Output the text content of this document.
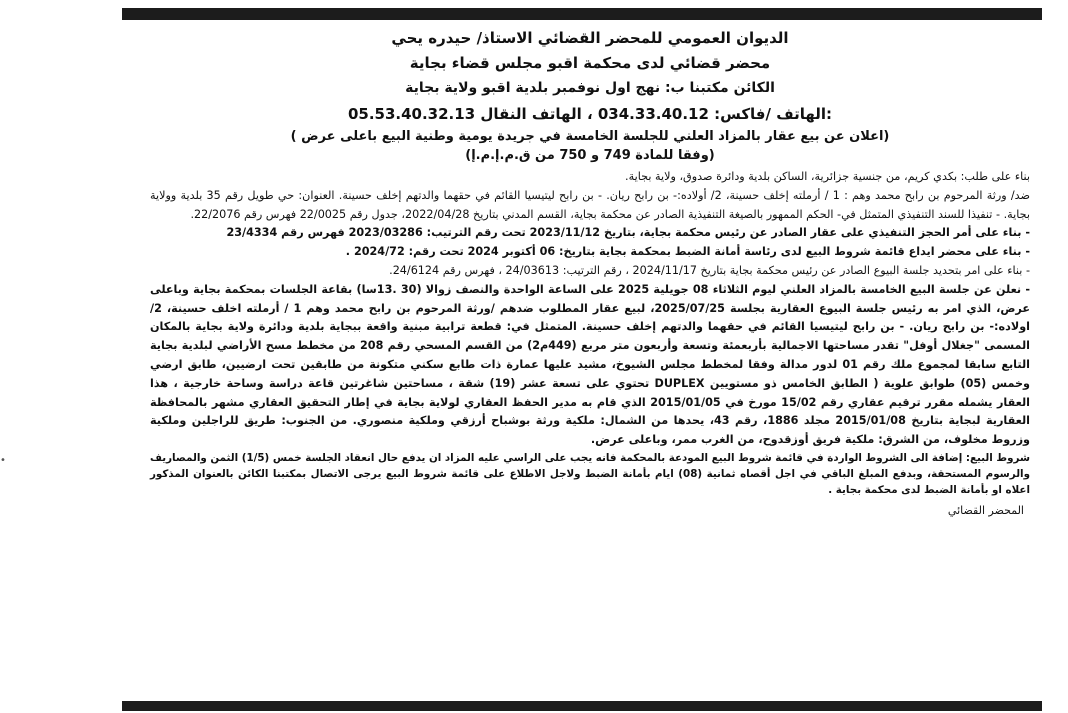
•

الديوان العمومي للمحضر القضائي الاستاذ/ حيدره يحي

محضر قضائي لدى محكمة اقبو مجلس قضاء بجاية

الكائن مكتبنا ب: نهج اول نوفمبر بلدية اقبو ولاية بجاية

:الهاتف /فاكس: 034.33.40.12 ، الهاتف النقال 05.53.40.32.13

(اعلان عن بيع عقار بالمزاد العلني للجلسة الخامسة في جريدة يومية وطنية البيع باعلى عرض )

(وفقا للمادة 749 و 750 من ق.م.إ.م.إ)

بناء على طلب: بكدي كريم، من جنسية جزائرية، الساكن بلدية ودائرة صدوق، ولاية بجاية.

ضد/ ورثة المرحوم بن رابح محمد وهم : 1 / أرملته إخلف حسينة، 2/ أولاده:- بن رابح ريان. - بن رابح ليتيسيا القائم في حقهما والدتهم إخلف حسينة. العنوان: حي طويل رقم 35 بلدية وولاية بجاية. - تنفيذا للسند التنفيذي المتمثل في- الحكم الممهور بالصيغة التنفيذية الصادر عن محكمة بجاية، القسم المدني بتاريخ 2022/04/28، جدول رقم 22/0025 فهرس رقم 22/2076.

- بناء على أمر الحجز التنفيذي على عقار الصادر عن رئيس محكمة بجاية، بتاريخ 2023/11/12 تحت رقم الترتيب: 2023/03286 فهرس رقم 23/4334

- بناء على محضر ايداع قائمة شروط البيع لدى رئاسة أمانة الضبط بمحكمة بجاية بتاريخ: 06 أكتوبر 2024 تحت رقم: 2024/72 .

- بناء على امر بتحديد جلسة البيوع الصادر عن رئيس محكمة بجاية بتاريخ 2024/11/17 ، رقم الترتيب: 24/03613 ، فهرس رقم 24/6124.

- نعلن عن جلسة البيع الخامسة بالمزاد العلني ليوم الثلاثاء 08 جويلية 2025 على الساعة الواحدة والنصف زوالا (30 .13سا) بقاعة الجلسات بمحكمة بجاية وباعلى عرض، الذي امر به رئيس جلسة البيوع العقارية بجلسة 2025/07/25، لبيع عقار المطلوب ضدهم /ورثة المرحوم بن رابح محمد وهم 1 / أرملته اخلف حسينة، 2/ اولاده:- بن رابح ريان. - بن رابح ليتيسيا القائم في حقهما والدتهم إخلف حسينة. المتمثل في: قطعة ترابية مبنية واقعة ببجاية بلدية ودائرة ولاية بجاية بالمكان المسمى "جغلال أوفل" تقدر مساحتها الاجمالية بأربعمئة وتسعة وأربعون متر مربع (449م2) من القسم المسحي رقم 208 من مخطط مسح الأراضي لبلدية بجاية التابع سابقا لمجموع ملك رقم 01 لدور مدالة وفقا لمخطط مجلس الشيوخ، مشيد عليها عمارة ذات طابع سكني متكونة من طابقين تحت ارضيين، طابق ارضي وخمس (05) طوابق علوية ( الطابق الخامس ذو مستويين DUPLEX تحتوي على تسعة عشر (19) شقة ، مساحتين شاغرتين قاعة دراسة وساحة خارجية ، هذا العقار يشمله مقرر ترقيم عقاري رقم 15/02 مورخ في 2015/01/05 الذي قام به مدير الحفظ العقاري لولاية بجاية في إطار التحقيق العقاري مشهر بالمحافظة العقارية لبجاية بتاريخ 2015/01/08 مجلد 1886، رقم 43، يحدها من الشمال: ملكية ورثة بوشباح أرزقي وملكية منصوري. من الجنوب: طريق للراجلين وملكية وزروط مخلوف، من الشرق: ملكية فريق أوزقدوح، من الغرب ممر، وباعلى عرض.

شروط البيع: إضافة الى الشروط الواردة في قائمة شروط البيع المودعة بالمحكمة فانه يجب على الراسي عليه المزاد ان يدفع حال انعقاد الجلسة خمس (1/5) الثمن والمصاريف والرسوم المستحقة، وبدفع المبلغ الباقي في اجل أقصاه ثمانية (08) ايام بأمانة الضبط ولاجل الاطلاع على قائمة شروط البيع يرجى الاتصال بمكتبنا الكائن بالعنوان المذكور اعلاه او بأمانة الضبط لدى محكمة بجاية .

المحضر القضائي
